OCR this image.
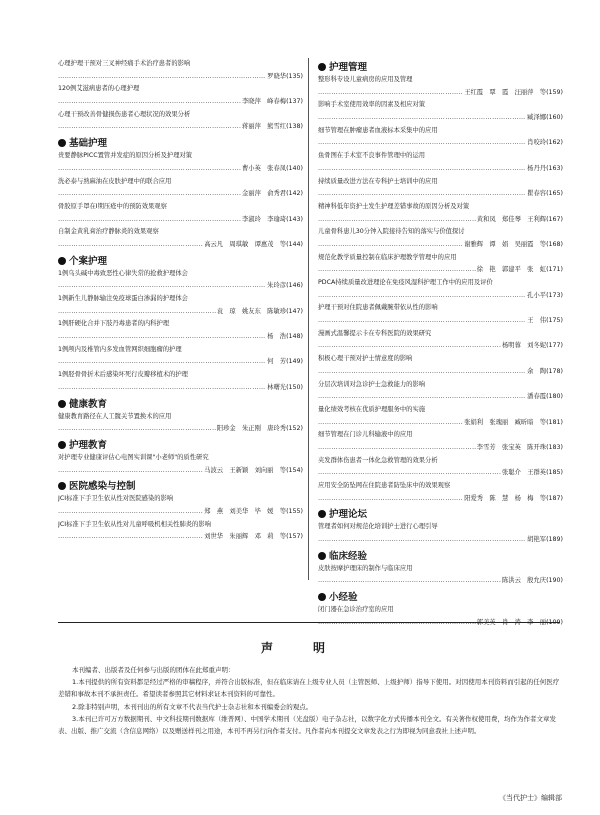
心理护理干预对三叉神经痛手术治疗患者的影响
………………………………………………………………………………………………………………………………………………………………………………………
罗晓华(135)
120例艾滋病患者的心理护理
………………………………………………………………………………………………………………………………………………………………………………………
李晓萍　峰春梅(137)
心理干预改善骨健损伤患者心理状况的效果分析
………………………………………………………………………………………………………………………………………………………………………………………
蒋丽萍　熊雪红(138)
基础护理
贵要静脉PICC置管并发症的原因分析及护理对策
………………………………………………………………………………………………………………………………………………………………………………………
曹小英　张春凤(140)
洗必泰与熟麻油在皮肤护理中的联合应用
………………………………………………………………………………………………………………………………………………………………………………………
金丽萍　俞秀君(142)
骨胶原手罩在Ⅰ期压疮中的预防效果观察
………………………………………………………………………………………………………………………………………………………………………………………
李淑玲　李瑜琦(143)
自制金黄乳膏治疗静脉炎的效果观察
………………………………………………………………………………………………………………………………………………………………………………………
高云凡　周琪敏　谭惠茂　等(144)
个案护理
1例乌头碱中毒致恶性心律失常的抢救护理体会
………………………………………………………………………………………………………………………………………………………………………………………
朱玲彦(146)
1例新生儿静脉输注免疫球蛋白渗漏的护理体会
………………………………………………………………………………………………………………………………………………………………………………………
袁　琼　姚友东　陈敏珍(147)
1例肝硬化合并下肢丹毒患者的内科护理
………………………………………………………………………………………………………………………………………………………………………………………
杨　浩(148)
1例颅内及椎管内多发血管网织细胞瘤的护理
………………………………………………………………………………………………………………………………………………………………………………………
何　芳(149)
1例胫骨骨折术后感染坏死行皮瓣移植术的护理
………………………………………………………………………………………………………………………………………………………………………………………
林曙光(150)
健康教育
健康教育路径在人工髋关节置换术的应用
………………………………………………………………………………………………………………………………………………………………………………………
阳珍金　朱正刚　唐玲秀(152)
护理教育
对护理专业健康评估心电图实训课"小老师"的质性研究
………………………………………………………………………………………………………………………………………………………………………………………
马波云　王新颖　刘向丽　等(154)
医院感染与控制
JCI标准下手卫生依从性对医院感染的影响
………………………………………………………………………………………………………………………………………………………………………………………
郑　燕　刘美华　毕　媛　等(155)
JCI标准下手卫生依从性对儿童呼吸机相关性肺炎的影响
………………………………………………………………………………………………………………………………………………………………………………………
刘世华　朱丽辉　邓　莉　等(157)
护理管理
整形科专设儿童病房的应用及管理
………………………………………………………………………………………………………………………………………………………………………………………
王红霞　覃　霞　汪丽萍　等(159)
影响手术室使用效率的因素及相应对策
………………………………………………………………………………………………………………………………………………………………………………………
臧泽娜(160)
细节管理在肿瘤患者血液标本采集中的应用
………………………………………………………………………………………………………………………………………………………………………………………
肖咬玲(162)
鱼骨图在手术室不良事件管理中的运用
………………………………………………………………………………………………………………………………………………………………………………………
杨丹丹(163)
持续质量改进方法在专科护士培训中的应用
………………………………………………………………………………………………………………………………………………………………………………………
瞿春容(165)
精神科低年资护士发生护理差错事故的原因分析及对策
………………………………………………………………………………………………………………………………………………………………………………………
黄和凤　郑佳琴　王利辉(167)
儿童骨科患儿30分钟入院接待告知的落实与价值探讨
………………………………………………………………………………………………………………………………………………………………………………………
谢雅辉　谭　娟　吴丽霞　等(168)
规范化教学质量控制在临床护理教学管理中的应用
………………………………………………………………………………………………………………………………………………………………………………………
徐　艳　郭建平　张　虹(171)
PDCA持续质量改进理论在免疫风湿科护理工作中的应用及评价
………………………………………………………………………………………………………………………………………………………………………………………
孔小平(173)
护理干预对住院患者佩戴腕带依从性的影响
………………………………………………………………………………………………………………………………………………………………………………………
王　伟(175)
漫画式温馨提示卡在专科医院的效果研究
………………………………………………………………………………………………………………………………………………………………………………………
杨明蓉　刘冬妮(177)
积极心理干预对护士情意度的影响
………………………………………………………………………………………………………………………………………………………………………………………
余　陶(178)
分层次培训对急诊护士急救能力的影响
………………………………………………………………………………………………………………………………………………………………………………………
潘春霞(180)
量化绩效考核在优质护理服务中的实施
………………………………………………………………………………………………………………………………………………………………………………………
张娟利　张瑰丽　臧昕暗　等(181)
细节管理在门诊儿科输液中的应用
………………………………………………………………………………………………………………………………………………………………………………………
李雪芳　张宝英　陈开珠(183)
夹发群体伤患者一体化急救管理的效果分析
………………………………………………………………………………………………………………………………………………………………………………………
张聪介　王群英(185)
应用安全防坠网在住院患者防坠床中的效果观察
………………………………………………………………………………………………………………………………………………………………………………………
阳爱秀　陈　慧　杨　梅　等(187)
护理论坛
管理者如何对规范化培训护士进行心理引导
………………………………………………………………………………………………………………………………………………………………………………………
胡艳军(189)
临床经验
皮肤按摩护理床的制作与临床应用
………………………………………………………………………………………………………………………………………………………………………………………
陈洪云　殷允庆(190)
小经验
闭门器在急诊治疗室的应用
………………………………………………………………………………………………………………………………………………………………………………………
郭美英　肖　涛　李　丽(109)
声　明

本刊编者、出版者及任何参与出版的团体在此郑重声明：

1.本刊提供的所有资料都是经过严格的审稿程序，并符合出版标准，但在临床请在上级专业人员（主管医师、上级护师）指导下使用。对因使用本刊资料而引起的任何医疗差错和事故本刊不承担责任。希望读者参照其它材料求证本刊资料的可靠性。

2.除非特别声明，本刊刊出的所有文章不代表当代护士杂志社和本刊编委会的观点。

3.本刊已许可万方数据期刊、中文科技期刊数据库（维普网）、中国学术期刊（光盘版）电子杂志社，以数字化方式传播本刊全文。有关著作权使用费，均作为作者文章发表、出版、推广交流（含信息网络）以及赠送样刊之用途，本刊不再另行向作者支付。凡作者向本刊提交文章发表之行为即视为同意我社上述声明。

《当代护士》编辑部
